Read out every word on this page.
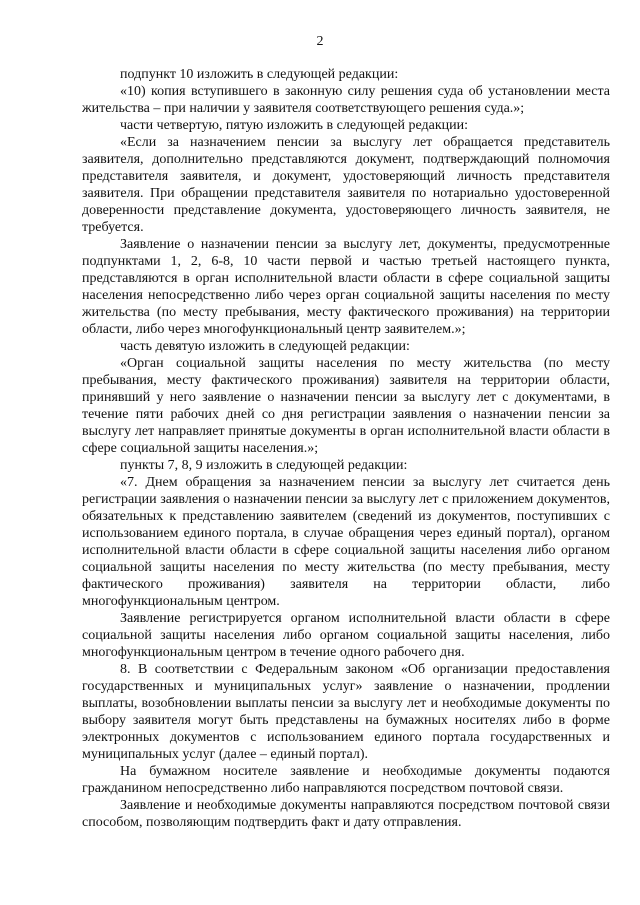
2

подпункт 10 изложить в следующей редакции:

«10) копия вступившего в законную силу решения суда об установлении места жительства – при наличии у заявителя соответствующего решения суда.»;

части четвертую, пятую изложить в следующей редакции:

«Если за назначением пенсии за выслугу лет обращается представитель заявителя, дополнительно представляются документ, подтверждающий полномочия представителя заявителя, и документ, удостоверяющий личность представителя заявителя. При обращении представителя заявителя по нотариально удостоверенной доверенности представление документа, удостоверяющего личность заявителя, не требуется.

Заявление о назначении пенсии за выслугу лет, документы, предусмотренные подпунктами 1, 2, 6-8, 10 части первой и частью третьей настоящего пункта, представляются в орган исполнительной власти области в сфере социальной защиты населения непосредственно либо через орган социальной защиты населения по месту жительства (по месту пребывания, месту фактического проживания) на территории области, либо через многофункциональный центр заявителем.»;

часть девятую изложить в следующей редакции:

«Орган социальной защиты населения по месту жительства (по месту пребывания, месту фактического проживания) заявителя на территории области, принявший у него заявление о назначении пенсии за выслугу лет с документами, в течение пяти рабочих дней со дня регистрации заявления о назначении пенсии за выслугу лет направляет принятые документы в орган исполнительной власти области в сфере социальной защиты населения.»;

пункты 7, 8, 9 изложить в следующей редакции:

«7. Днем обращения за назначением пенсии за выслугу лет считается день регистрации заявления о назначении пенсии за выслугу лет с приложением документов, обязательных к представлению заявителем (сведений из документов, поступивших с использованием единого портала, в случае обращения через единый портал), органом исполнительной власти области в сфере социальной защиты населения либо органом социальной защиты населения по месту жительства (по месту пребывания, месту фактического проживания) заявителя на территории области, либо многофункциональным центром.

Заявление регистрируется органом исполнительной власти области в сфере социальной защиты населения либо органом социальной защиты населения, либо многофункциональным центром в течение одного рабочего дня.

8. В соответствии с Федеральным законом «Об организации предоставления государственных и муниципальных услуг» заявление о назначении, продлении выплаты, возобновлении выплаты пенсии за выслугу лет и необходимые документы по выбору заявителя могут быть представлены на бумажных носителях либо в форме электронных документов с использованием единого портала государственных и муниципальных услуг (далее – единый портал).

На бумажном носителе заявление и необходимые документы подаются гражданином непосредственно либо направляются посредством почтовой связи.

Заявление и необходимые документы направляются посредством почтовой связи способом, позволяющим подтвердить факт и дату отправления.
